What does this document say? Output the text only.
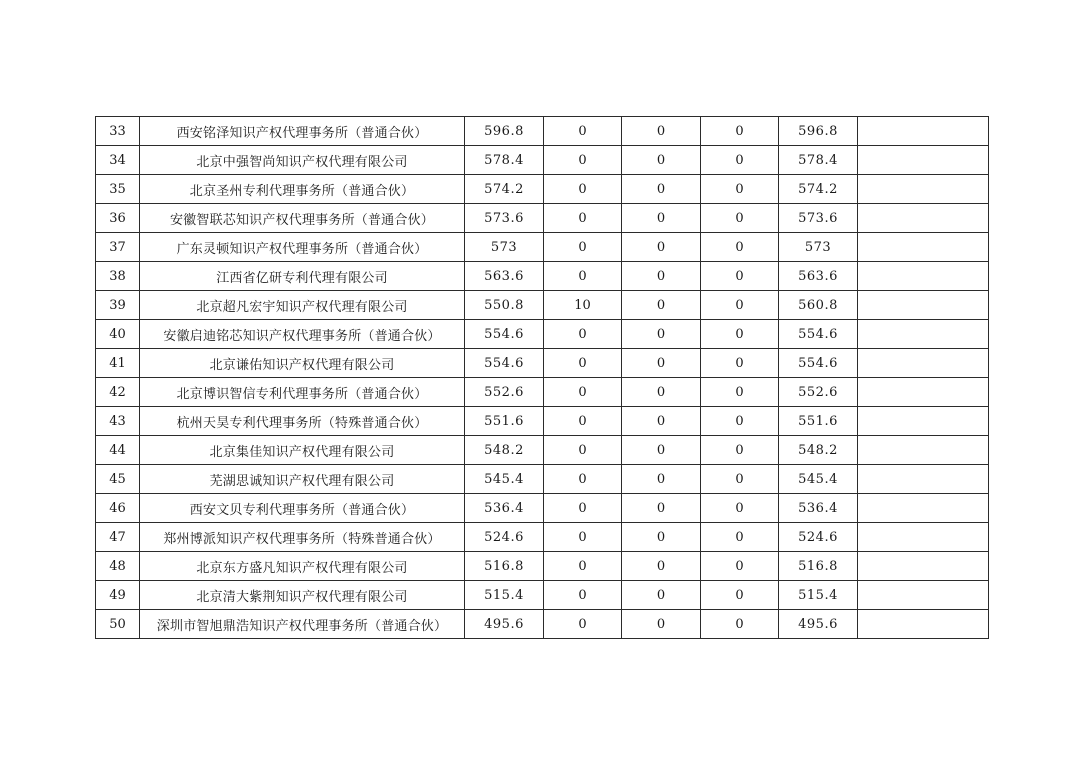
33	西安铭泽知识产权代理事务所（普通合伙）	596.8	0	0	0	596.8	
34	北京中强智尚知识产权代理有限公司	578.4	0	0	0	578.4	
35	北京圣州专利代理事务所（普通合伙）	574.2	0	0	0	574.2	
36	安徽智联芯知识产权代理事务所（普通合伙）	573.6	0	0	0	573.6	
37	广东灵顿知识产权代理事务所（普通合伙）	573	0	0	0	573	
38	江西省亿研专利代理有限公司	563.6	0	0	0	563.6	
39	北京超凡宏宇知识产权代理有限公司	550.8	10	0	0	560.8	
40	安徽启迪铭芯知识产权代理事务所（普通合伙）	554.6	0	0	0	554.6	
41	北京谦佑知识产权代理有限公司	554.6	0	0	0	554.6	
42	北京博识智信专利代理事务所（普通合伙）	552.6	0	0	0	552.6	
43	杭州天昊专利代理事务所（特殊普通合伙）	551.6	0	0	0	551.6	
44	北京集佳知识产权代理有限公司	548.2	0	0	0	548.2	
45	芜湖思诚知识产权代理有限公司	545.4	0	0	0	545.4	
46	西安文贝专利代理事务所（普通合伙）	536.4	0	0	0	536.4	
47	郑州博派知识产权代理事务所（特殊普通合伙）	524.6	0	0	0	524.6	
48	北京东方盛凡知识产权代理有限公司	516.8	0	0	0	516.8	
49	北京清大紫荆知识产权代理有限公司	515.4	0	0	0	515.4	
50	深圳市智旭鼎浩知识产权代理事务所（普通合伙）	495.6	0	0	0	495.6	
